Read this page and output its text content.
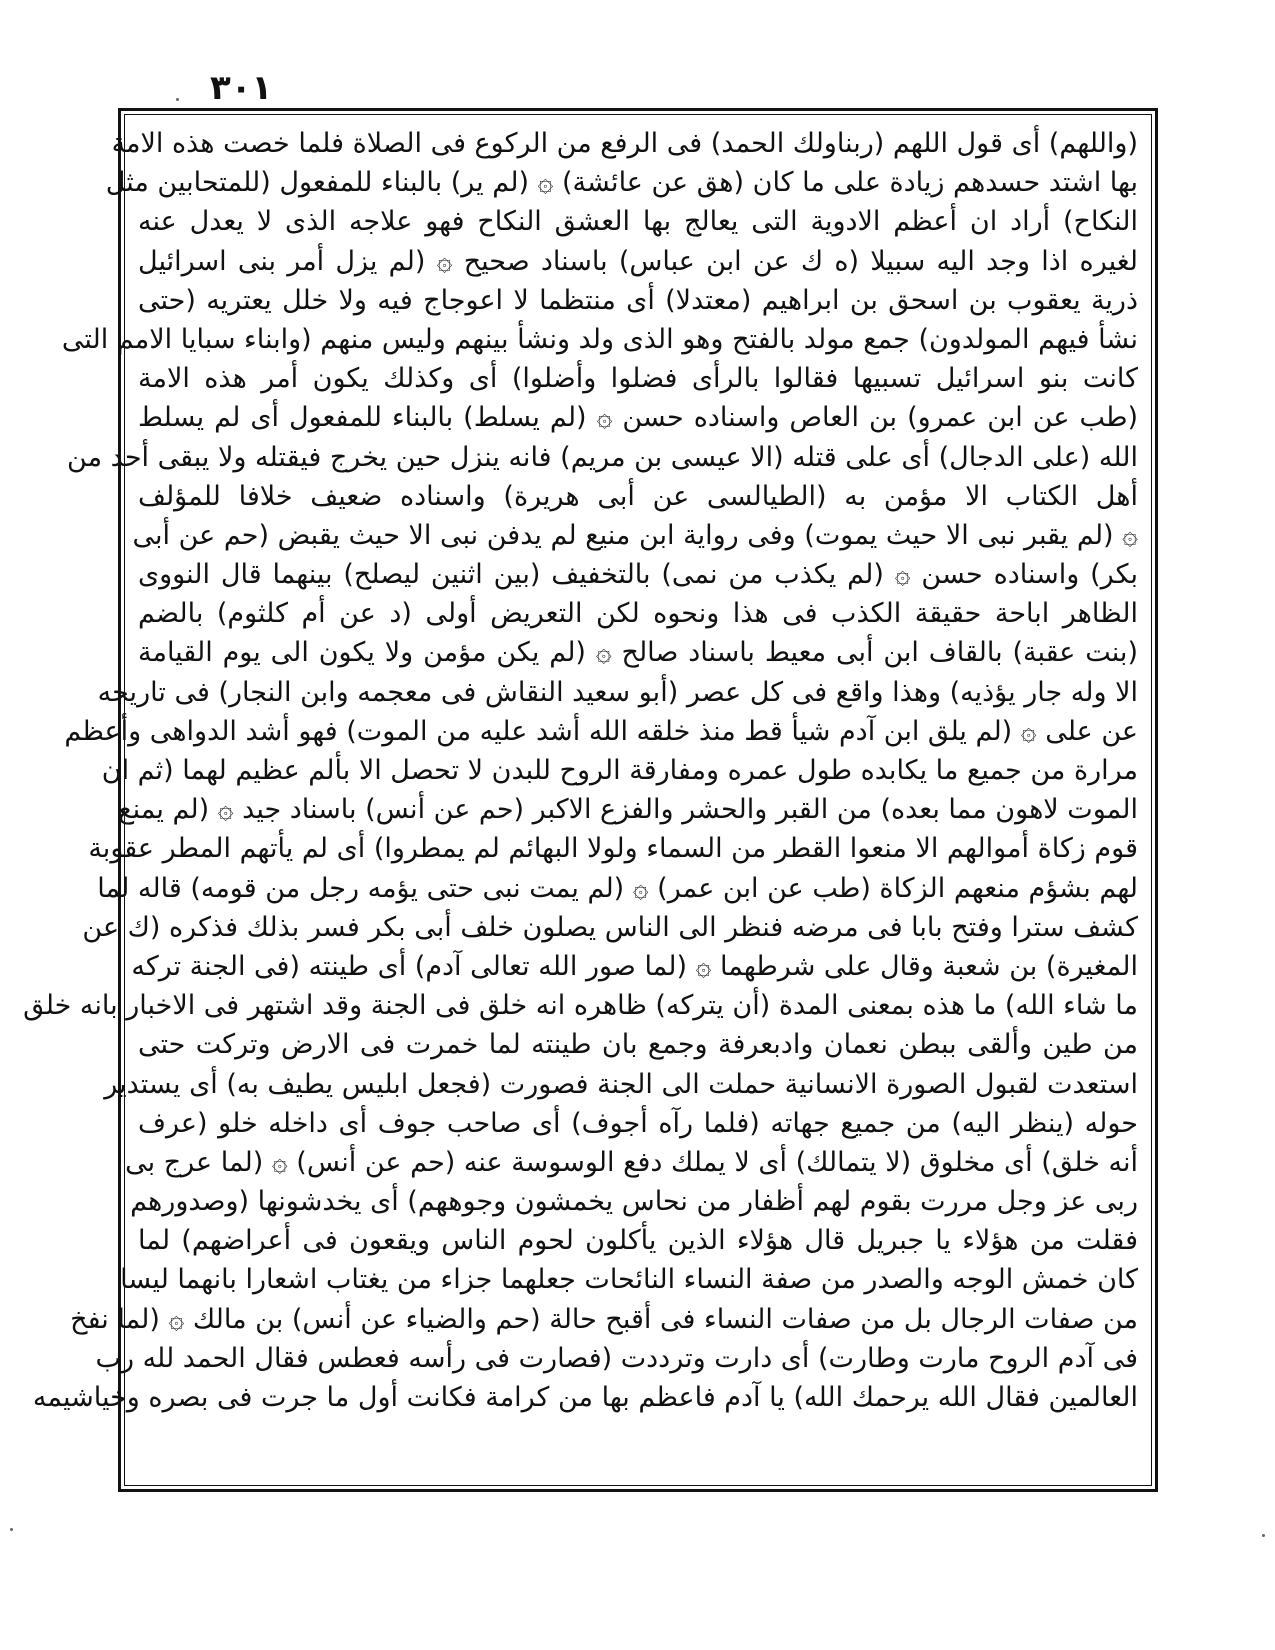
٣٠١
(واللهم) أى قول اللهم (ربناولك الحمد) فى الرفع من الركوع فى الصلاة فلما خصت هذه الامة
بها اشتد حسدهم زيادة على ما كان (هق عن عائشة) ۞ (لم ير) بالبناء للمفعول (للمتحابين مثل
النكاح) أراد ان أعظم الادوية التى يعالج بها العشق النكاح فهو علاجه الذى لا يعدل عنه
لغيره اذا وجد اليه سبيلا (ه ك عن ابن عباس) باسناد صحيح ۞ (لم يزل أمر بنى اسرائيل
ذرية يعقوب بن اسحق بن ابراهيم (معتدلا) أى منتظما لا اعوجاج فيه ولا خلل يعتريه (حتى
نشأ فيهم المولدون) جمع مولد بالفتح وهو الذى ولد ونشأ بينهم وليس منهم (وابناء سبايا الامم التى
كانت بنو اسرائيل تسبيها فقالوا بالرأى فضلوا وأضلوا) أى وكذلك يكون أمر هذه الامة
(طب عن ابن عمرو) بن العاص واسناده حسن ۞ (لم يسلط) بالبناء للمفعول أى لم يسلط
الله (على الدجال) أى على قتله (الا عيسى بن مريم) فانه ينزل حين يخرج فيقتله ولا يبقى أحد من
أهل الكتاب الا مؤمن به (الطيالسى عن أبى هريرة) واسناده ضعيف خلافا للمؤلف
۞ (لم يقبر نبى الا حيث يموت) وفى رواية ابن منيع لم يدفن نبى الا حيث يقبض (حم عن أبى
بكر) واسناده حسن ۞ (لم يكذب من نمى) بالتخفيف (بين اثنين ليصلح) بينهما قال النووى
الظاهر اباحة حقيقة الكذب فى هذا ونحوه لكن التعريض أولى (د عن أم كلثوم) بالضم
(بنت عقبة) بالقاف ابن أبى معيط باسناد صالح ۞ (لم يكن مؤمن ولا يكون الى يوم القيامة
الا وله جار يؤذيه) وهذا واقع فى كل عصر (أبو سعيد النقاش فى معجمه وابن النجار) فى تاريخه
عن على ۞ (لم يلق ابن آدم شيأ قط منذ خلقه الله أشد عليه من الموت) فهو أشد الدواهى وأعظم
مرارة من جميع ما يكابده طول عمره ومفارقة الروح للبدن لا تحصل الا بألم عظيم لهما (ثم ان
الموت لاهون مما بعده) من القبر والحشر والفزع الاكبر (حم عن أنس) باسناد جيد ۞ (لم يمنع
قوم زكاة أموالهم الا منعوا القطر من السماء ولولا البهائم لم يمطروا) أى لم يأتهم المطر عقوبة
لهم بشؤم منعهم الزكاة (طب عن ابن عمر) ۞ (لم يمت نبى حتى يؤمه رجل من قومه) قاله لما
كشف سترا وفتح بابا فى مرضه فنظر الى الناس يصلون خلف أبى بكر فسر بذلك فذكره (ك عن
المغيرة) بن شعبة وقال على شرطهما ۞ (لما صور الله تعالى آدم) أى طينته (فى الجنة تركه
ما شاء الله) ما هذه بمعنى المدة (أن يتركه) ظاهره انه خلق فى الجنة وقد اشتهر فى الاخبار بانه خلق
من طين وألقى ببطن نعمان وادبعرفة وجمع بان طينته لما خمرت فى الارض وتركت حتى
استعدت لقبول الصورة الانسانية حملت الى الجنة فصورت (فجعل ابليس يطيف به) أى يستدير
حوله (ينظر اليه) من جميع جهاته (فلما رآه أجوف) أى صاحب جوف أى داخله خلو (عرف
أنه خلق) أى مخلوق (لا يتمالك) أى لا يملك دفع الوسوسة عنه (حم عن أنس) ۞ (لما عرج بى
ربى عز وجل مررت بقوم لهم أظفار من نحاس يخمشون وجوههم) أى يخدشونها (وصدورهم
فقلت من هؤلاء يا جبريل قال هؤلاء الذين يأكلون لحوم الناس ويقعون فى أعراضهم) لما
كان خمش الوجه والصدر من صفة النساء النائحات جعلهما جزاء من يغتاب اشعارا بانهما ليسا
من صفات الرجال بل من صفات النساء فى أقبح حالة (حم والضياء عن أنس) بن مالك ۞ (لما نفخ
فى آدم الروح مارت وطارت) أى دارت وترددت (فصارت فى رأسه فعطس فقال الحمد لله رب
العالمين فقال الله يرحمك الله) يا آدم فاعظم بها من كرامة فكانت أول ما جرت فى بصره وخياشيمه
